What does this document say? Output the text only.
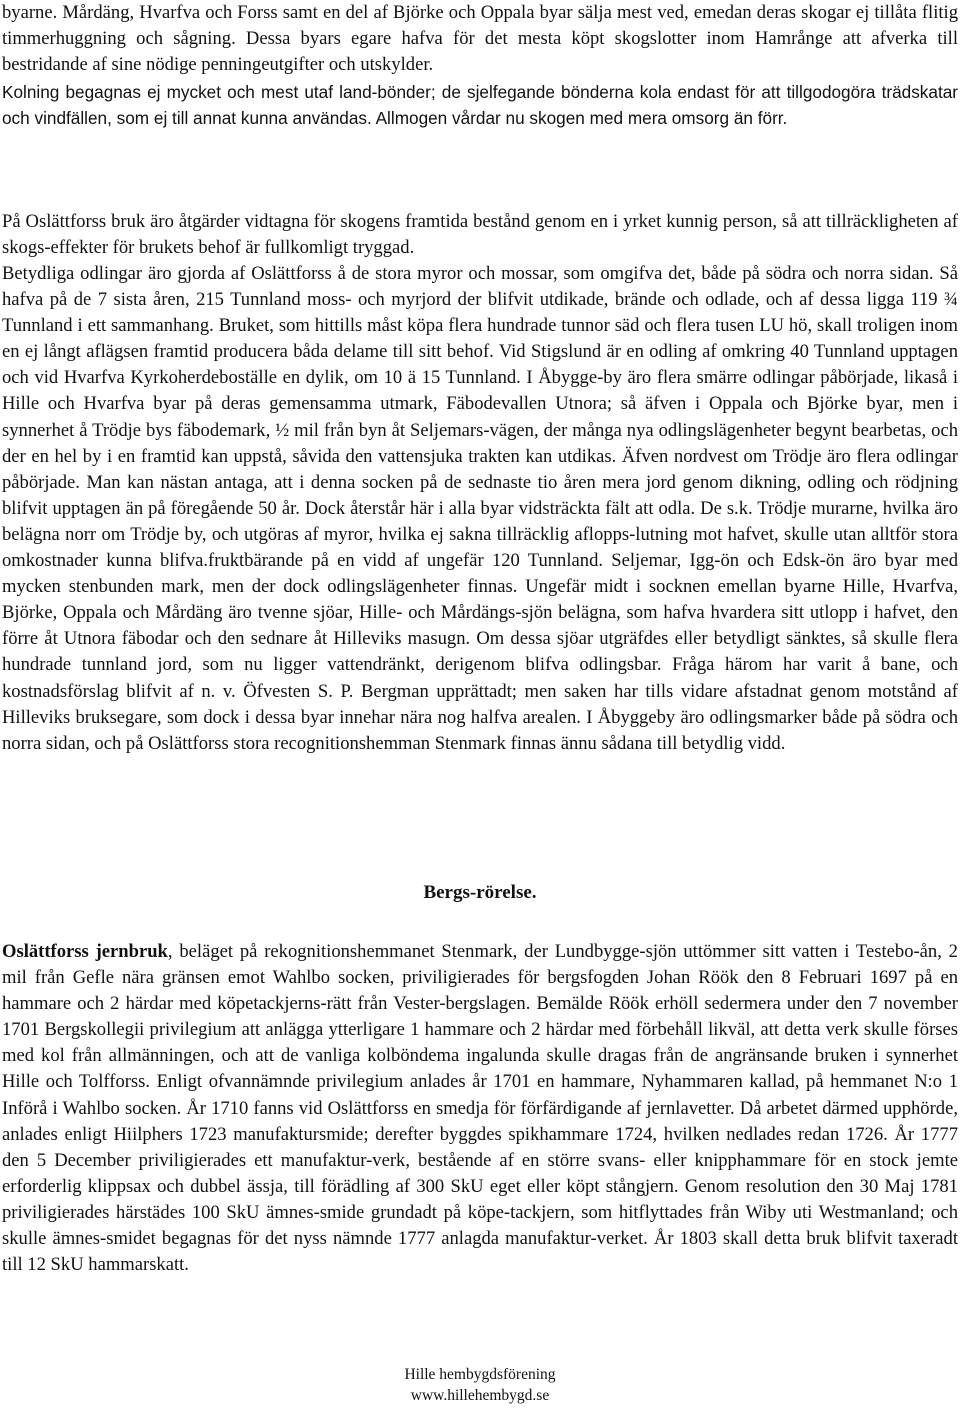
byarne. Mårdäng, Hvarfva och Forss samt en del af Björke och Oppala byar sälja mest ved, emedan deras skogar ej tillåta flitig timmerhuggning och sågning. Dessa byars egare hafva för det mesta köpt skogslotter inom Hamrånge att afverka till bestridande af sine nödige penningeutgifter och utskylder.

Kolning begagnas ej mycket och mest utaf land-bönder; de sjelfegande bönderna kola endast för att tillgodogöra trädskatar och vindfällen, som ej till annat kunna användas. Allmogen vårdar nu skogen med mera omsorg än förr.

På Oslättforss bruk äro åtgärder vidtagna för skogens framtida bestånd genom en i yrket kunnig person, så att tillräckligheten af skogs-effekter för brukets behof är fullkomligt tryggad.

Betydliga odlingar äro gjorda af Oslättforss å de stora myror och mossar, som omgifva det, både på södra och norra sidan. Så hafva på de 7 sista åren, 215 Tunnland moss- och myrjord der blifvit utdikade, brände och odlade, och af dessa ligga 119 ¾ Tunnland i ett sammanhang. Bruket, som hittills måst köpa flera hundrade tunnor säd och flera tusen LU hö, skall troligen inom en ej långt aflägsen framtid producera båda delame till sitt behof. Vid Stigslund är en odling af omkring 40 Tunnland upptagen och vid Hvarfva Kyrkoherdeboställe en dylik, om 10 ä 15 Tunnland. I Åbygge-by äro flera smärre odlingar påbörjade, likaså i Hille och Hvarfva byar på deras gemensamma utmark, Fäbodevallen Utnora; så äfven i Oppala och Björke byar, men i synnerhet å Trödje bys fäbodemark, ½ mil från byn åt Seljemars-vägen, der många nya odlingslägenheter begynt bearbetas, och der en hel by i en framtid kan uppstå, såvida den vattensjuka trakten kan utdikas. Äfven nordvest om Trödje äro flera odlingar påbörjade. Man kan nästan antaga, att i denna socken på de sednaste tio åren mera jord genom dikning, odling och rödjning blifvit upptagen än på föregående 50 år. Dock återstår här i alla byar vidsträckta fält att odla. De s.k. Trödje murarne, hvilka äro belägna norr om Trödje by, och utgöras af myror, hvilka ej sakna tillräcklig aflopps-lutning mot hafvet, skulle utan alltför stora omkostnader kunna blifva.fruktbärande på en vidd af ungefär 120 Tunnland. Seljemar, Igg-ön och Edsk-ön äro byar med mycken stenbunden mark, men der dock odlingslägenheter finnas. Ungefär midt i socknen emellan byarne Hille, Hvarfva, Björke, Oppala och Mårdäng äro tvenne sjöar, Hille- och Mårdängs-sjön belägna, som hafva hvardera sitt utlopp i hafvet, den förre åt Utnora fäbodar och den sednare åt Hilleviks masugn. Om dessa sjöar utgräfdes eller betydligt sänktes, så skulle flera hundrade tunnland jord, som nu ligger vattendränkt, derigenom blifva odlingsbar. Fråga härom har varit å bane, och kostnadsförslag blifvit af n. v. Öfvesten S. P. Bergman upprättadt; men saken har tills vidare afstadnat genom motstånd af Hilleviks bruksegare, som dock i dessa byar innehar nära nog halfva arealen. I Åbyggeby äro odlingsmarker både på södra och norra sidan, och på Oslättforss stora recognitionshemman Stenmark finnas ännu sådana till betydlig vidd.

Bergs-rörelse.

Oslättforss jernbruk, beläget på rekognitionshemmanet Stenmark, der Lundbygge-sjön uttömmer sitt vatten i Testebo-ån, 2 mil från Gefle nära gränsen emot Wahlbo socken, priviligierades för bergsfogden Johan Röök den 8 Februari 1697 på en hammare och 2 härdar med köpetackjerns-rätt från Vester-bergslagen. Bemälde Röök erhöll sedermera under den 7 november 1701 Bergskollegii privilegium att anlägga ytterligare 1 hammare och 2 härdar med förbehåll likväl, att detta verk skulle förses med kol från allmänningen, och att de vanliga kolböndema ingalunda skulle dragas från de angränsande bruken i synnerhet Hille och Tolfforss. Enligt ofvannämnde privilegium anlades år 1701 en hammare, Nyhammaren kallad, på hemmanet N:o 1 Införå i Wahlbo socken. År 1710 fanns vid Oslättforss en smedja för förfärdigande af jernlavetter. Då arbetet därmed upphörde, anlades enligt Hiilphers 1723 manufaktursmide; derefter byggdes spikhammare 1724, hvilken nedlades redan 1726. År 1777 den 5 December priviligierades ett manufaktur-verk, bestående af en större svans- eller knipphammare för en stock jemte erforderlig klippsax och dubbel ässja, till förädling af 300 SkU eget eller köpt stångjern. Genom resolution den 30 Maj 1781 priviligierades härstädes 100 SkU ämnes-smide grundadt på köpe-tackjern, som hitflyttades från Wiby uti Westmanland; och skulle ämnes-smidet begagnas för det nyss nämnde 1777 anlagda manufaktur-verket. År 1803 skall detta bruk blifvit taxeradt till 12 SkU hammarskatt.

Hille hembygdsförening
www.hillehembygd.se
